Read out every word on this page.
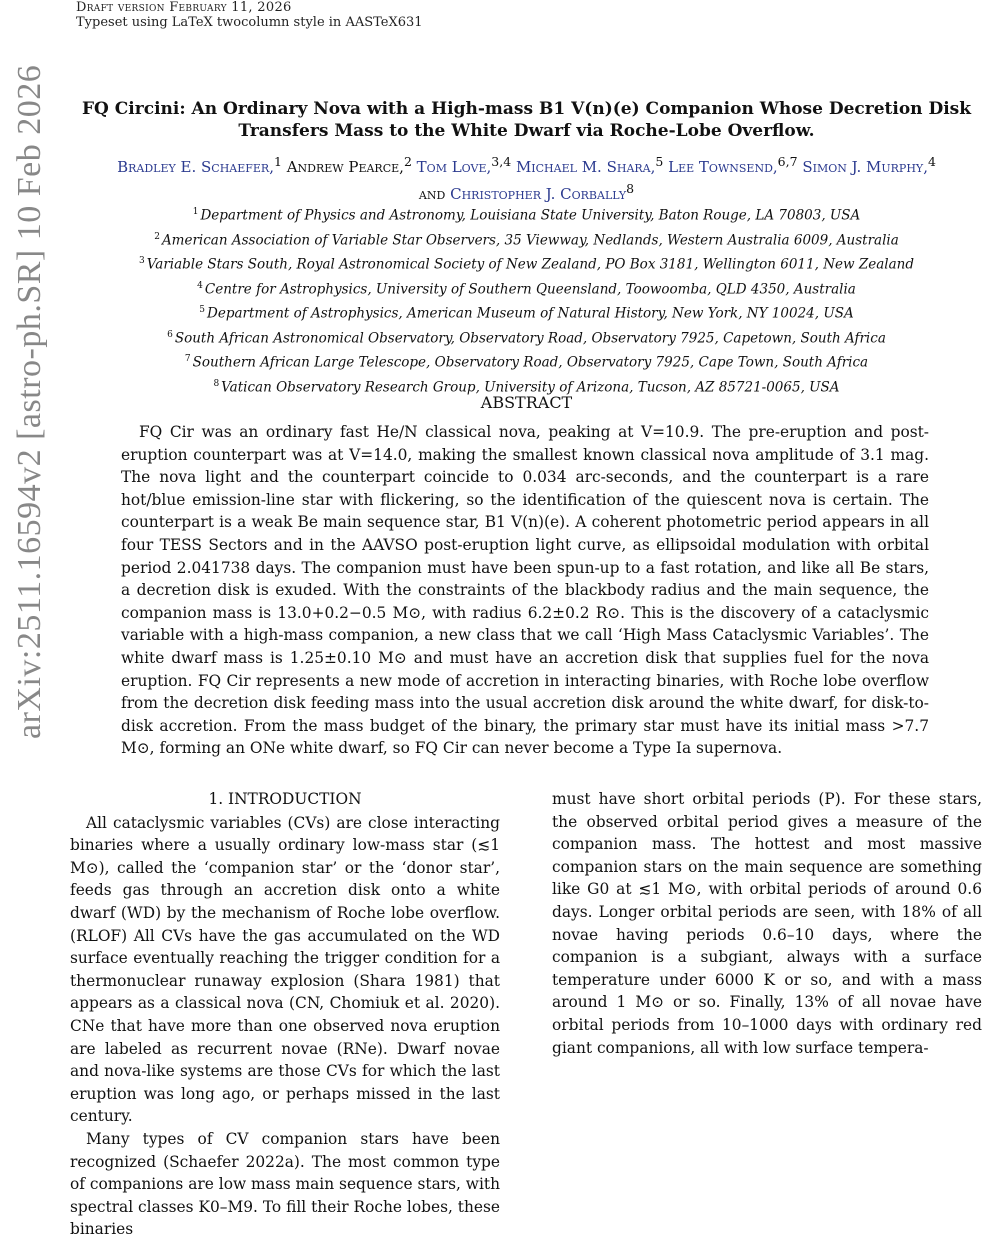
Draft version February 11, 2026
Typeset using LaTeX twocolumn style in AASTeX631
arXiv:2511.16594v2 [astro-ph.SR] 10 Feb 2026	FQ Circini: An Ordinary Nova with a High-mass B1 V(n)(e) Companion Whose Decretion Disk Transfers Mass to the White Dwarf via Roche-Lobe Overflow.
Bradley E. Schaefer,$^1$ Andrew Pearce,$^2$ Tom Love,$^{3,4}$ Michael M. Shara,$^5$ Lee Townsend,$^{6,7}$ Simon J. Murphy,$^4$
and Christopher J. Corbally$^8$
$^1$ Department of Physics and Astronomy, Louisiana State University, Baton Rouge, LA 70803, USA
$^2$ American Association of Variable Star Observers, 35 Viewway, Nedlands, Western Australia 6009, Australia
$^3$ Variable Stars South, Royal Astronomical Society of New Zealand, PO Box 3181, Wellington 6011, New Zealand
$^4$ Centre for Astrophysics, University of Southern Queensland, Toowoomba, QLD 4350, Australia
$^5$ Department of Astrophysics, American Museum of Natural History, New York, NY 10024, USA
$^6$ South African Astronomical Observatory, Observatory Road, Observatory 7925, Capetown, South Africa
$^7$ Southern African Large Telescope, Observatory Road, Observatory 7925, Cape Town, South Africa
$^8$ Vatican Observatory Research Group, University of Arizona, Tucson, AZ 85721-0065, USA
ABSTRACT
FQ Cir was an ordinary fast He/N classical nova, peaking at V=10.9. The pre-eruption and post-eruption counterpart was at V=14.0, making the smallest known classical nova amplitude of 3.1 mag. The nova light and the counterpart coincide to 0.034 arc-seconds, and the counterpart is a rare hot/blue emission-line star with flickering, so the identification of the quiescent nova is certain. The counterpart is a weak Be main sequence star, B1 V(n)(e). A coherent photometric period appears in all four TESS Sectors and in the AAVSO post-eruption light curve, as ellipsoidal modulation with orbital period 2.041738 days. The companion must have been spun-up to a fast rotation, and like all Be stars, a decretion disk is exuded. With the constraints of the blackbody radius and the main sequence, the companion mass is 13.0+0.2−0.5 M⊙, with radius 6.2±0.2 R⊙. This is the discovery of a cataclysmic variable with a high-mass companion, a new class that we call ‘High Mass Cataclysmic Variables’. The white dwarf mass is 1.25±0.10 M⊙ and must have an accretion disk that supplies fuel for the nova eruption. FQ Cir represents a new mode of accretion in interacting binaries, with Roche lobe overflow from the decretion disk feeding mass into the usual accretion disk around the white dwarf, for disk-to-disk accretion. From the mass budget of the binary, the primary star must have its initial mass >7.7 M⊙, forming an ONe white dwarf, so FQ Cir can never become a Type Ia supernova.
1. INTRODUCTION

All cataclysmic variables (CVs) are close interacting binaries where a usually ordinary low-mass star (≲1 M⊙), called the ‘companion star’ or the ‘donor star’, feeds gas through an accretion disk onto a white dwarf (WD) by the mechanism of Roche lobe overflow. (RLOF) All CVs have the gas accumulated on the WD surface eventually reaching the trigger condition for a thermonuclear runaway explosion (Shara 1981) that appears as a classical nova (CN, Chomiuk et al. 2020). CNe that have more than one observed nova eruption are labeled as recurrent novae (RNe). Dwarf novae and nova-like systems are those CVs for which the last eruption was long ago, or perhaps missed in the last century.

Many types of CV companion stars have been recognized (Schaefer 2022a). The most common type of companions are low mass main sequence stars, with spectral classes K0–M9. To fill their Roche lobes, these binaries

must have short orbital periods (P). For these stars, the observed orbital period gives a measure of the companion mass. The hottest and most massive companion stars on the main sequence are something like G0 at ≲1 M⊙, with orbital periods of around 0.6 days. Longer orbital periods are seen, with 18% of all novae having periods 0.6–10 days, where the companion is a subgiant, always with a surface temperature under 6000 K or so, and with a mass around 1 M⊙ or so. Finally, 13% of all novae have orbital periods from 10–1000 days with ordinary red giant companions, all with low surface tempera-
